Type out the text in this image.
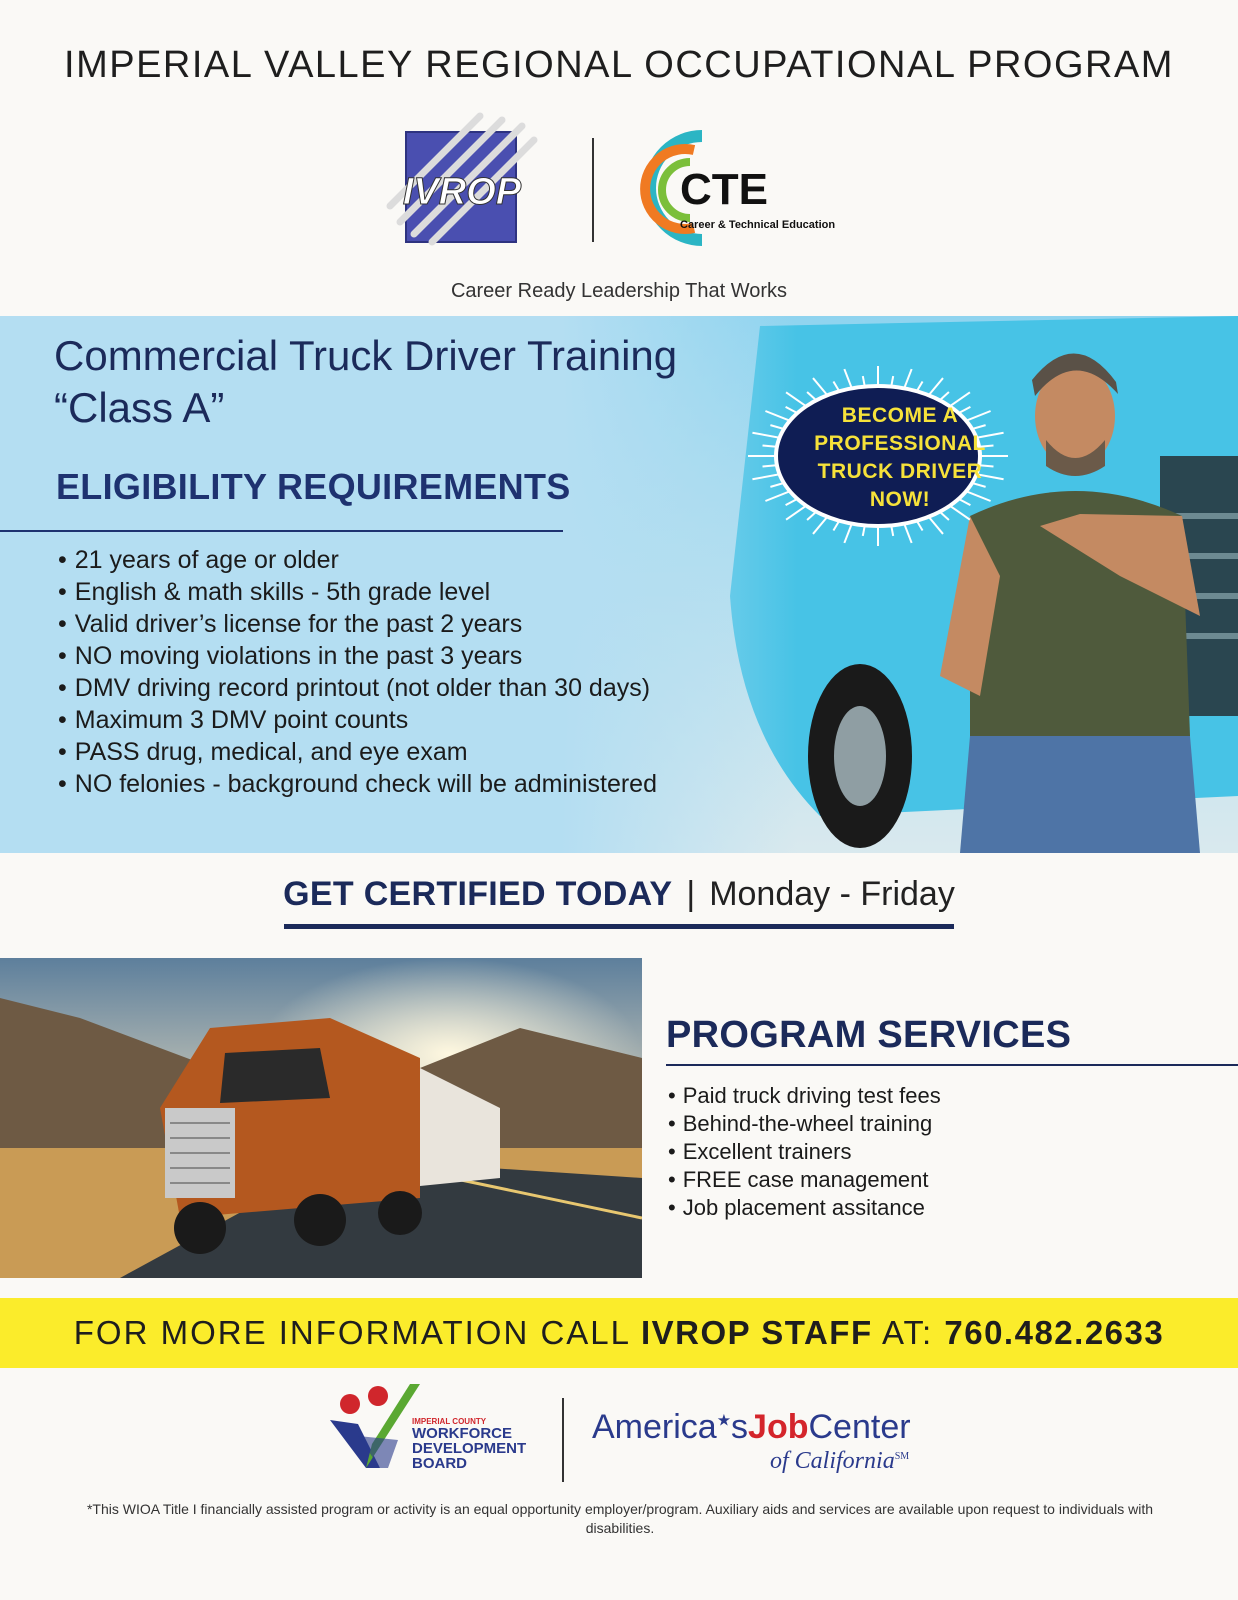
IMPERIAL VALLEY REGIONAL OCCUPATIONAL PROGRAM
IVROP	CTE
Career & Technical Education
Career Ready Leadership That Works
Commercial Truck Driver Training
“Class A”
ELIGIBILITY REQUIREMENTS
• 21 years of age or older
• English & math skills - 5th grade level
• Valid driver’s license for the past 2 years
• NO moving violations in the past 3 years
• DMV driving record printout (not older than 30 days)
• Maximum 3 DMV point counts
• PASS drug, medical, and eye exam
• NO felonies - background check will be administered
BECOME A
PROFESSIONAL
TRUCK DRIVER
NOW!
GET CERTIFIED TODAY | Monday - Friday
PROGRAM SERVICES
• Paid truck driving test fees
• Behind-the-wheel training
• Excellent trainers
• FREE case management
• Job placement assitance
FOR MORE INFORMATION CALL IVROP STAFF AT: 760.482.2633
IMPERIAL COUNTY
WORKFORCE
DEVELOPMENT
BOARD
America★sJobCenter
of California℠
*This WIOA Title I financially assisted program or activity is an equal opportunity employer/program. Auxiliary aids and services are available upon request to individuals with disabilities.
